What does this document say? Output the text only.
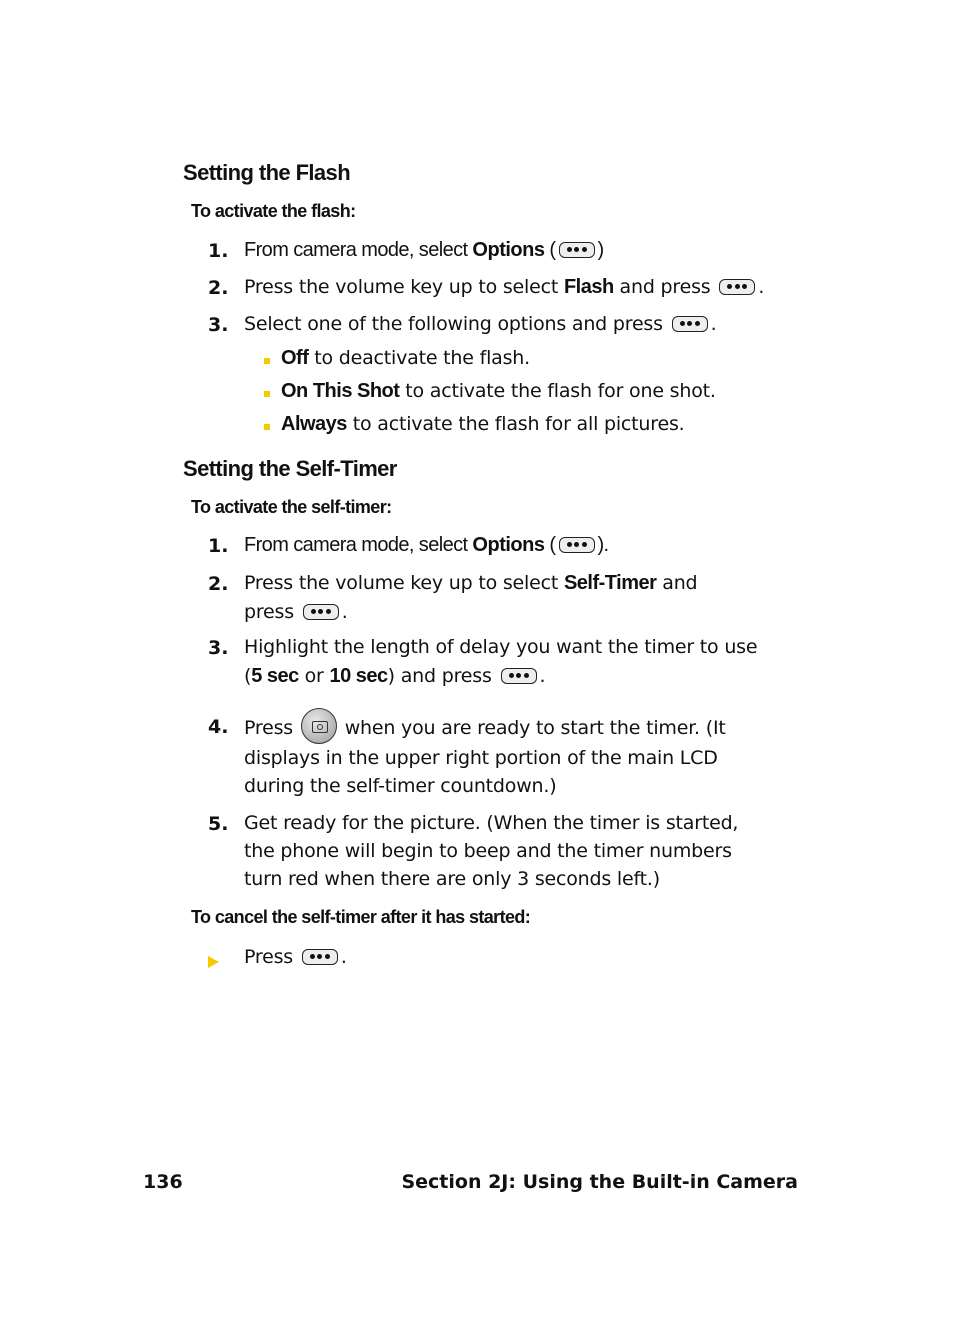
Setting the Flash
To activate the flash:
1. From camera mode, select Options ( )
2. Press the volume key up to select Flash and press
.
3. Select one of the following options and press
.
Off to deactivate the flash.
On This Shot to activate the flash for one shot.
Always to activate the flash for all pictures.
Setting the Self-Timer
To activate the self-timer:
1. From camera mode, select Options ( ).
2. Press the volume key up to select Self-Timer and
press
.
3. Highlight the length of delay you want the timer to use
(5 sec or 10 sec) and press
.
4. Press  when you are ready to start the timer. (It
displays in the upper right portion of the main LCD
during the self-timer countdown.)
5. Get ready for the picture. (When the timer is started,
the phone will begin to beep and the timer numbers
turn red when there are only 3 seconds left.)
To cancel the self-timer after it has started:
Press
.
136	Section 2J: Using the Built-in Camera
